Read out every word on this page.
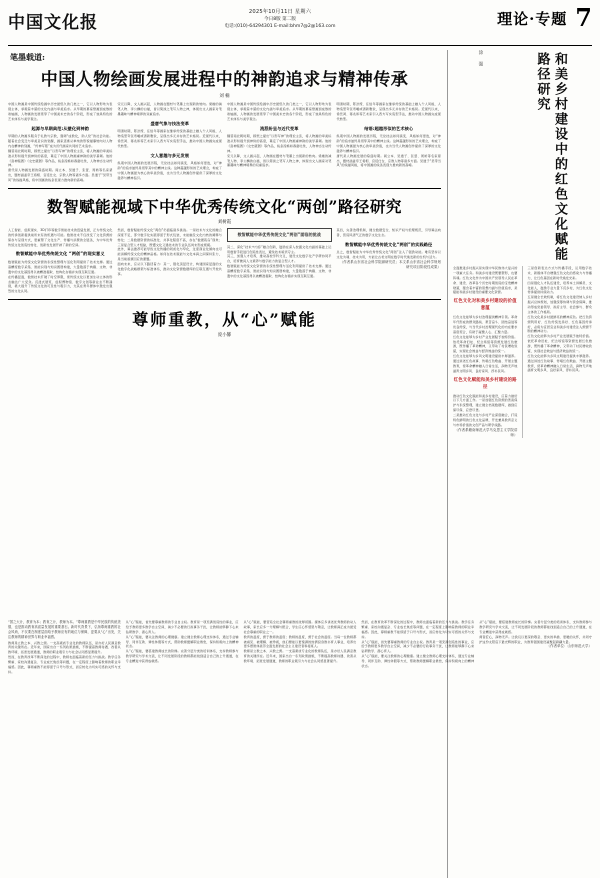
中国文化报
2025年10月11日 星期六
今日8版 第二版
电话:(010)-64294301 E-mail:bhm7@2@163.com	理论·专题 7
笔墨载道:
中国人物绘画发展进程中的神韵追求与精神传承
刘 楠
中国人物画是中国传统绘画中历史最悠久的门类之一，它以人物形象为表现主体，承载着丰富的文化内涵与审美追求。从早期的墓室壁画到成熟的卷轴画，人物画的发展贯穿了中国美术史的各个阶段，形成了独具特色的艺术体系与美学观念。
起源与早期典范:从壁化到神韵
早期的人物画多服务于礼教与宗教，强调“成教化，助人伦”的社会功能。随着社会变迁与审美意识的觉醒，画家逐渐从单纯的形貌描摹转向对人物内在精神的刻画，“传神写照”成为历代画家共同的艺术追求。
魏晋南北朝时期，顾恺之提出“以形写神”的理论主张，将人物画的审美标准从形似提升到神似的高度，奠定了中国人物画重神韵的美学基调。他的《洛神赋图》《女史箴图》等作品，线条流畅如春蚕吐丝，人物神态生动传神。
唐代是人物画发展的鼎盛时期。阎立本、吴道子、张萱、周昉等名家辈出，题材涵盖帝王将相、宫廷仕女、宗教人物等诸多方面。吴道子“吴带当风”的线描风格，将中国画的线条表现力推向新的高峰。
宋元以降，文人画兴起，人物画在题材与笔墨上出现新的转向。梁楷的减笔人物、李公麟的白描，皆以简淡之笔写人物之神，体现出文人画家对笔墨趣味与精神境界的双重追求。
盛唐气象与技法变革
明清时期，陈洪绶、任伯年等画家在继承传统的基础上融入个人风格，人物造型夸张奇崛或清新雅致，呈现出多元并存的艺术格局。近现代以来，徐悲鸿、蒋兆和等艺术家引入西方写实造型手法，推动中国人物画完成现代转型。
文人意趣与多元发展
纵观中国人物画的发展历程，无论技法如何演变、风格如何更迭，对“神韵”的追求始终是贯穿其中的精神主线。这种超越形似的艺术理念，构成了中国人物画最为核心的审美价值，也为当代人物画创作提供了深厚的文化滋养与精神指引。
中国人物画是中国传统绘画中历史最悠久的门类之一，它以人物形象为表现主体，承载着丰富的文化内涵与审美追求。从早期的墓室壁画到成熟的卷轴画，人物画的发展贯穿了中国美术史的各个阶段，形成了独具特色的艺术体系与美学观念。
流派纷呈与近代变革
魏晋南北朝时期，顾恺之提出“以形写神”的理论主张，将人物画的审美标准从形似提升到神似的高度，奠定了中国人物画重神韵的美学基调。他的《洛神赋图》《女史箴图》等作品，线条流畅如春蚕吐丝，人物神态生动传神。
宋元以降，文人画兴起，人物画在题材与笔墨上出现新的转向。梁楷的减笔人物、李公麟的白描，皆以简淡之笔写人物之神，体现出文人画家对笔墨趣味与精神境界的双重追求。
明清时期，陈洪绶、任伯年等画家在继承传统的基础上融入个人风格，人物造型夸张奇崛或清新雅致，呈现出多元并存的艺术格局。近现代以来，徐悲鸿、蒋兆和等艺术家引入西方写实造型手法，推动中国人物画完成现代转型。
结语:超越形似的艺术核心
纵观中国人物画的发展历程，无论技法如何演变、风格如何更迭，对“神韵”的追求始终是贯穿其中的精神主线。这种超越形似的艺术理念，构成了中国人物画最为核心的审美价值，也为当代人物画创作提供了深厚的文化滋养与精神指引。
唐代是人物画发展的鼎盛时期。阎立本、吴道子、张萱、周昉等名家辈出，题材涵盖帝王将相、宫廷仕女、宗教人物等诸多方面。吴道子“吴带当风”的线描风格，将中国画的线条表现力推向新的高峰。
数智赋能视域下中华优秀传统文化“两创”路径研究
刘树霞
人工智能、虚拟现实、3D打印等数字智能技术的迅猛发展，正为传统文化的传承创新提供前所未有的机遇与可能。数智技术不仅改变了文化资源的保存与呈现方式，更重塑了文化生产、传播与消费的全链条，为中华优秀传统文化创造性转化、创新性发展开辟了新的空间。
数智赋能中华优秀传统文化 “两创”的现实意义
数智赋能为传统文化资源的系统性整理与活化利用提供了技术支撑。通过高精度数字采集、智能识别与知识图谱构建，大量散落于典籍、文物、非遗中的文化基因得以被精准提取、结构化存储并实现互联互通。
在传播层面，数智技术打破了时空界限，使传统文化以更加生动立体的形态触达广大受众。沉浸式展览、虚拟博物馆、数字文创等新业态不断涌现，极大提升了传统文化的可及性与吸引力，尤其在青年群体中激发出强烈的文化认同。
然而，数智赋能传统文化“两创”仍面临诸多挑战。一是技术与文化的融合深度不足，部分数字化实践停留于形式包装，未能触及文化内核的阐释与转化；二是数据资源的标准化、共享化程度不高，存在“数据孤岛”现象；三是复合型人才短缺，既懂文化又通技术的专业队伍尚未形成规模。
此外，算法推荐可能导致文化传播的同质化与窄化，过度商业化倾向也可能消解传统文化的精神品格。如何在技术赋能与文化本真之间保持张力，是当前亟须回应的课题。
面向未来，应从以下路径着力：其一，强化顶层设计，构建国家层面的文化数字化战略框架与标准体系，推动文化资源数据库的互联互通与开放共享。
数智赋能中华优秀传统文化“两创”面临的挑战
其二，深化“技术+内容”融合创新，鼓励在深入挖掘文化内涵的基础上运用数智手段进行创造性表达，避免技术喧宾夺主。
其三，加强人才培养，推动高校学科交叉，建设文化数字化产学研协同平台，培育兼具人文素养与数字能力的复合型人才。
数智赋能为传统文化资源的系统性整理与活化利用提供了技术支撑。通过高精度数字采集、智能识别与知识图谱构建，大量散落于典籍、文物、非遗中的文化基因得以被精准提取、结构化存储并实现互联互通。
其四，完善治理机制，健全数据安全、知识产权与伦理规范，引导算法向善，营造风清气正的数字文化生态。
数智赋能中华优秀传统文化“两创”的实践路径
总之，数智赋能为中华优秀传统文化“两创”注入了强劲动能。唯有坚持以文化为魂、技术为用，方能让古老文明在数字时代焕发新的生机与活力。
（作者系山东省社会科学院副研究员；本文系山东省社会科学规划研究项目阶段性成果）
尊师重教，从“心”赋能
庞小馨
涂 强	和美乡村建设中的红色文化赋能路径研究
全面推进乡村振兴是实现中华民族伟大复兴的一项重大任务。和美乡村建设既要塑形，也要铸魂。红色文化作为中国共产党领导人民在革命、建设、改革各个历史时期创造的宝贵精神财富，蕴含着丰富的思想内涵与价值追求，是赋能和美乡村建设的重要文化资源。
红色文化对和美乡村建设的价值意蕴
红色文化能够为乡村治理提供精神引领。革命年代形成的群众路线、艰苦奋斗、团结奋进等优良传统，与当代乡村治理现代化的内在要求高度契合，有助于凝聚人心、汇聚力量。
红色文化能够为乡村产业发展赋予独特价值。依托革命旧址、纪念场馆等资源发展红色旅游，既传播了革命精神，又带动了村民增收致富，实现社会效益与经济效益的统一。
红色文化能够为乡风文明建设提供丰厚滋养。通过讲述红色故事、传唱红色歌曲、开展主题教育，使革命精神融入日常生活，润物无声地涵育文明乡风、良好家风、淳朴民风。
红色文化赋能和美乡村建设的路径
推动红色文化赋能和美乡村建设，应着力做好以下几方面工作。一是加强红色资源的普查保护与系统整理，建立健全档案数据库，做到应保尽保、应登尽登。
二是推动红色文化与乡村产业深度融合，打造特色鲜明的红色文化品牌，开发兼具教育意义与市场价值的文创产品与研学线路。
（作者系赣南师范大学马克思主义学院讲师）
三是创新表达方式与传播手段，运用数字技术、新媒体平台增强红色文化的感染力与传播力，让红色基因在新时代焕发光彩。
四是强化人才队伍建设，培养本土讲解员、文化能人，鼓励专业力量下沉乡村，为红色文化传承提供持续动力。
五是健全长效机制，将红色文化建设纳入乡村振兴总体规划，加强统筹协调与资金保障，推动形成党委领导、政府主导、社会参与、群众主体的工作格局。
红色文化是乡村最鲜亮的精神底色。把红色资源利用好、红色传统发扬好、红色基因传承好，必将为宜居宜业和美乡村建设注入源源不断的精神动力。
红色文化能够为乡村产业发展赋予独特价值。依托革命旧址、纪念场馆等资源发展红色旅游，既传播了革命精神，又带动了村民增收致富，实现社会效益与经济效益的统一。
红色文化能够为乡风文明建设提供丰厚滋养。通过讲述红色故事、传唱红色歌曲、开展主题教育，使革命精神融入日常生活，润物无声地涵育文明乡风、良好家风、淳朴民风。
“国之大计，教育为本；教育之计，教师为本。”尊师重教是中华民族的传统美德，也是推动教育高质量发展的重要基石。新时代背景下，弘扬尊师重教的社会风尚，不仅要在制度层面给予教师应有的地位与保障，更要从“心”出发，关注教师的精神世界与职业幸福感。
教师是立教之本、兴教之源。一支高素质专业化的教师队伍，是办好人民满意教育的关键所在。近年来，国家出台一系列政策措施，不断提高教师待遇、改善从教环境、拓宽发展通道，教师的职业吸引力与社会认同感显著提升。
然而，在教育改革不断深化的过程中，教师也面临着新的压力与挑战。教学任务繁重、家校沟通复杂、专业成长焦虑等问题，在一定程度上影响着教师的职业幸福感。因此，尊师重教不能停留于口号与形式，而应转化为切实可感的关怀与支持。
从“心”赋能，首先要尊重教师的专业自主权。教育是一项充满创造性的事业，应给予教师更多教学自主空间，减少不必要的行政事务干扰，让教师能够静下心来钻研教学、潜心育人。
从“心”赋能，要关注教师的心理健康。建立健全教师心理支持体系，通过专业辅导、同伴互助、弹性休假等方式，帮助教师缓解职业倦怠，保持积极向上的精神状态。
从“心”赋能，要搭建教师成长的阶梯。完善分层分类的培训体系，支持教师参与教学研究与学术交流，让不同发展阶段的教师都能找到适合自己的上升通道，在专业精进中获得成就感。
从“心”赋能，要营造全社会尊师重教的浓厚氛围。媒体应多讲述优秀教师的动人故事，家长应多一分理解与配合，学生应心怀感恩与敬意，让教师真正成为最受社会尊重的职业之一。
教育的温度，源于教师的温度；教师的温度，源于社会的温度。当每一位教师都被看见、被理解、被珍视，他们便能以更饱满的热情投身教书育人事业，培养出更多德智体美劳全面发展的社会主义建设者和接班人。
教师是立教之本、兴教之源。一支高素质专业化的教师队伍，是办好人民满意教育的关键所在。近年来，国家出台一系列政策措施，不断提高教师待遇、改善从教环境、拓宽发展通道，教师的职业吸引力与社会认同感显著提升。
然而，在教育改革不断深化的过程中，教师也面临着新的压力与挑战。教学任务繁重、家校沟通复杂、专业成长焦虑等问题，在一定程度上影响着教师的职业幸福感。因此，尊师重教不能停留于口号与形式，而应转化为切实可感的关怀与支持。
从“心”赋能，首先要尊重教师的专业自主权。教育是一项充满创造性的事业，应给予教师更多教学自主空间，减少不必要的行政事务干扰，让教师能够静下心来钻研教学、潜心育人。
从“心”赋能，要关注教师的心理健康。建立健全教师心理支持体系，通过专业辅导、同伴互助、弹性休假等方式，帮助教师缓解职业倦怠，保持积极向上的精神状态。
从“心”赋能，要搭建教师成长的阶梯。完善分层分类的培训体系，支持教师参与教学研究与学术交流，让不同发展阶段的教师都能找到适合自己的上升通道，在专业精进中获得成就感。
师者匠心，润物无声。让我们以更深的敬意、更实的举措、更暖的关怀，共同守护这份太阳底下最光辉的职业，为教育强国建设凝聚起磅礴力量。
（作者单位：山东师范大学）
